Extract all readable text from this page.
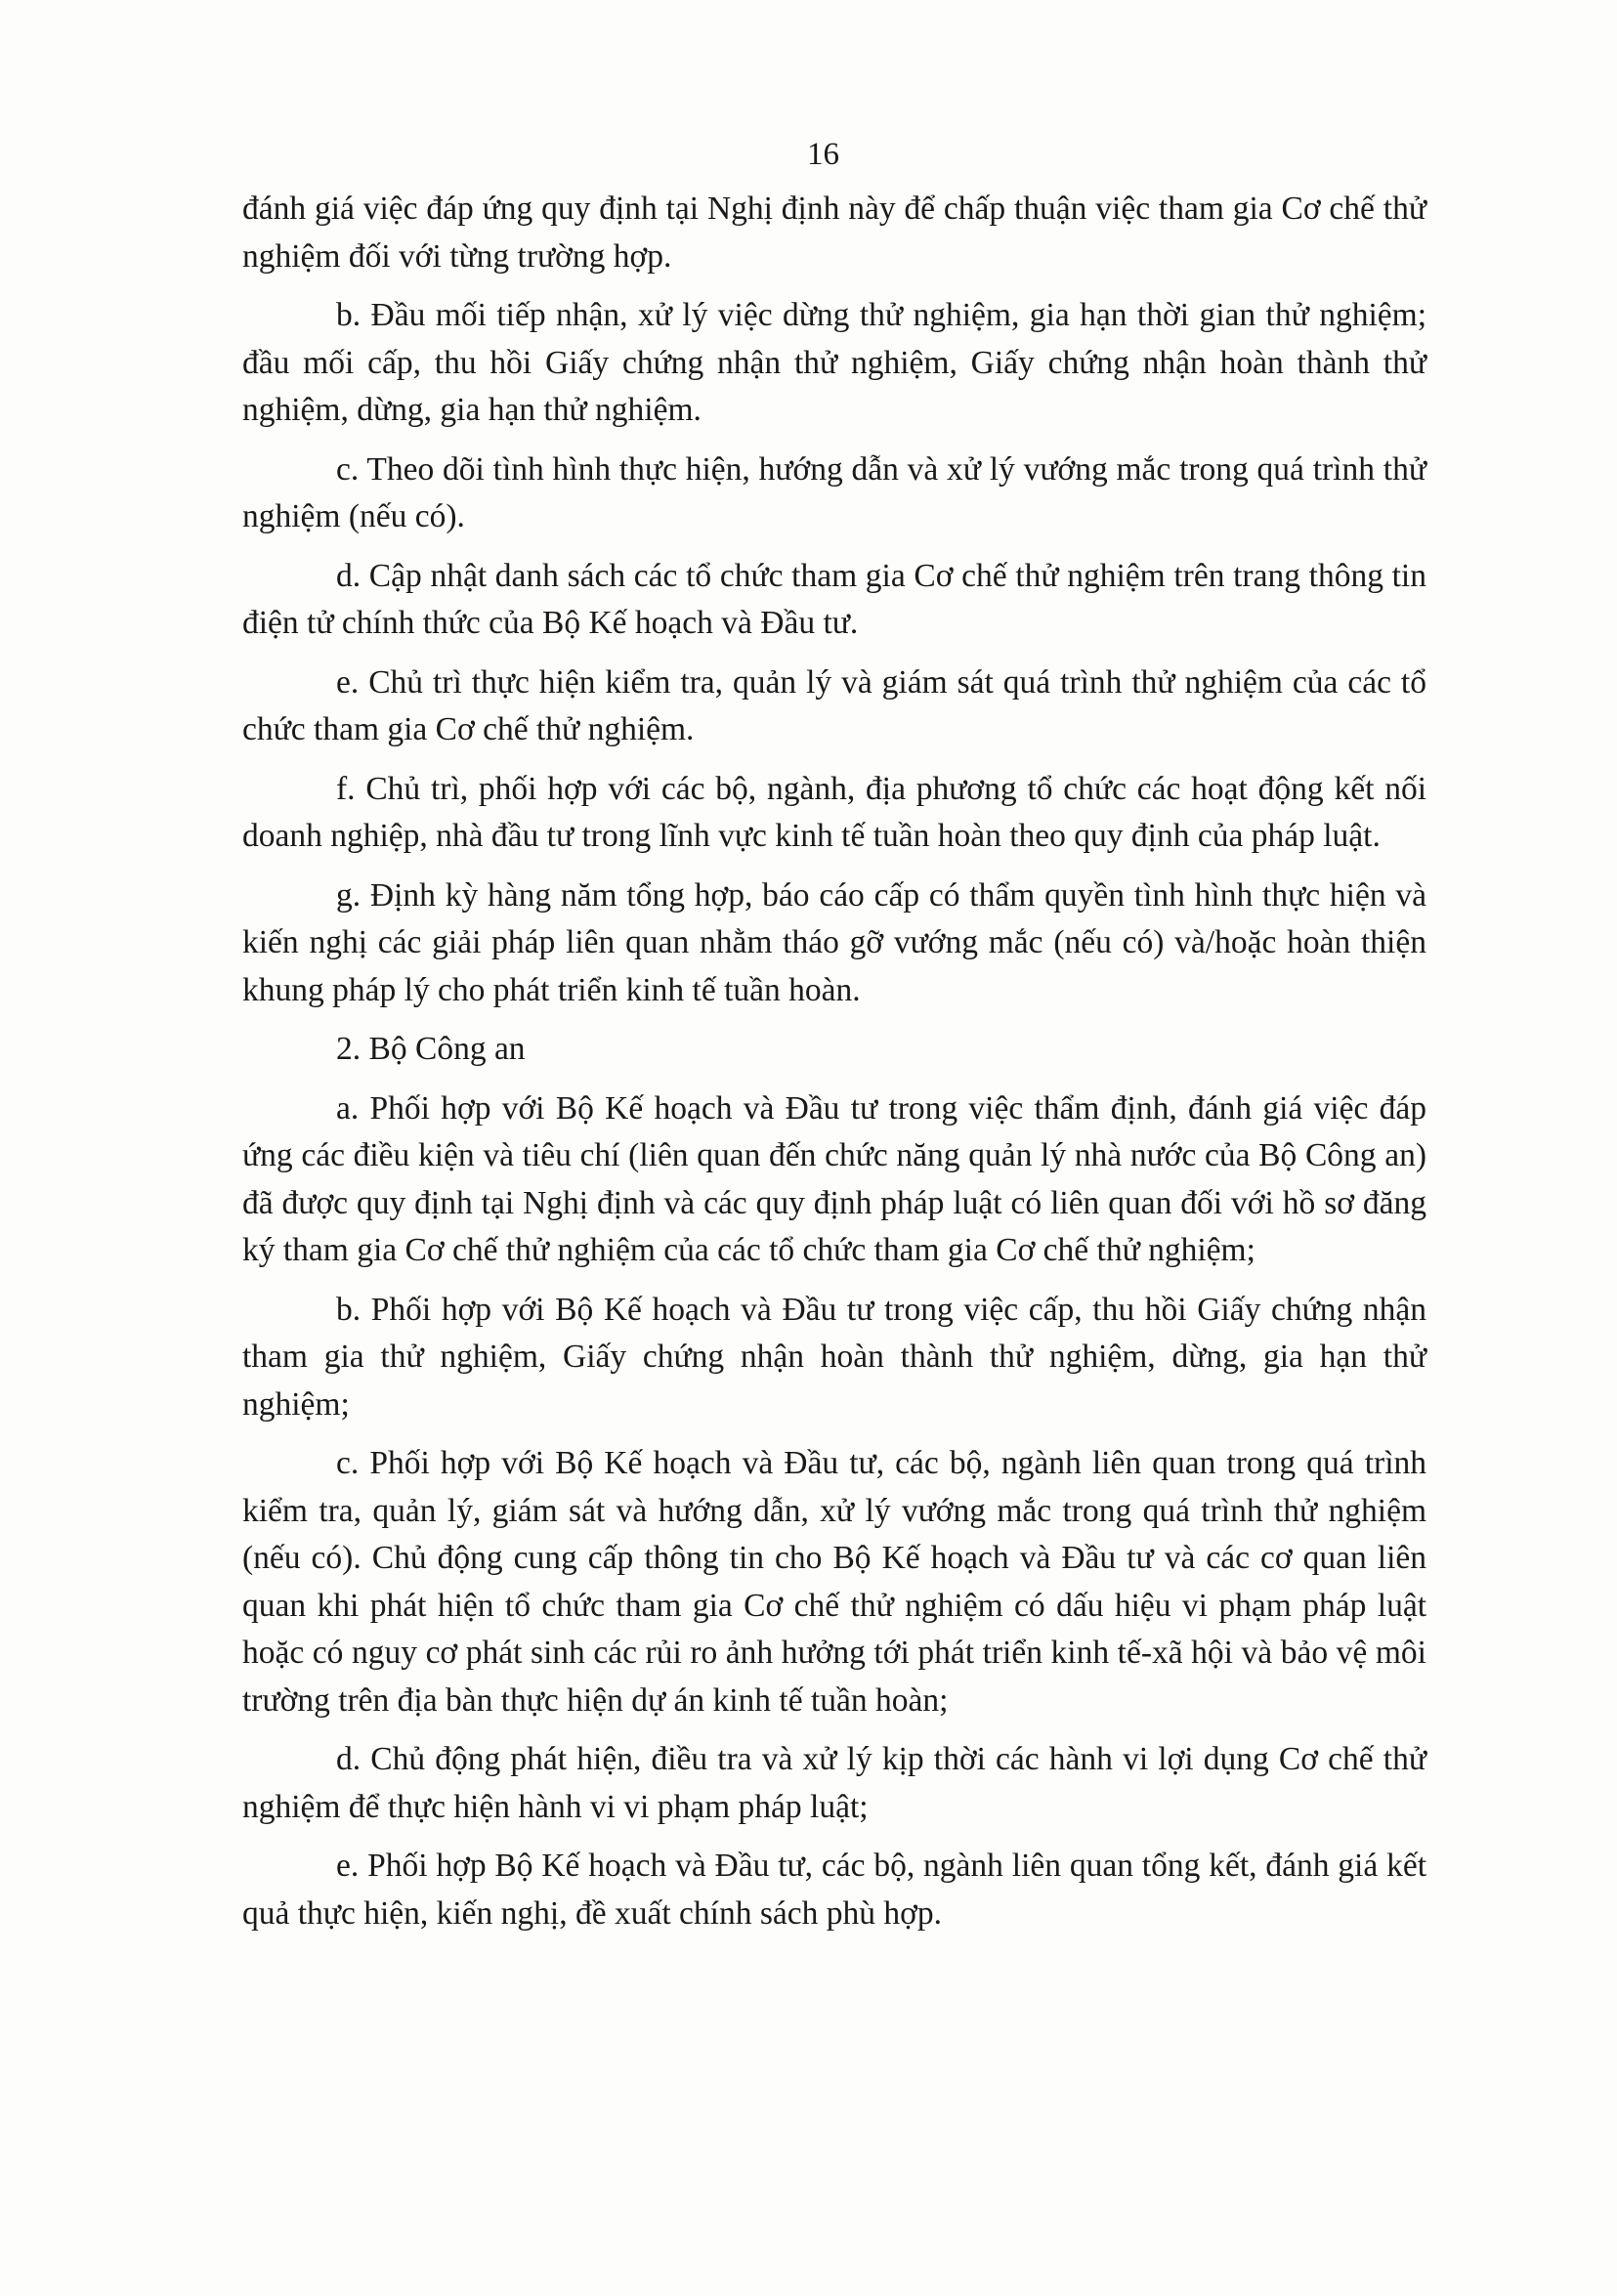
16

đánh giá việc đáp ứng quy định tại Nghị định này để chấp thuận việc tham gia Cơ chế thử nghiệm đối với từng trường hợp.

b. Đầu mối tiếp nhận, xử lý việc dừng thử nghiệm, gia hạn thời gian thử nghiệm; đầu mối cấp, thu hồi Giấy chứng nhận thử nghiệm, Giấy chứng nhận hoàn thành thử nghiệm, dừng, gia hạn thử nghiệm.

c. Theo dõi tình hình thực hiện, hướng dẫn và xử lý vướng mắc trong quá trình thử nghiệm (nếu có).

d. Cập nhật danh sách các tổ chức tham gia Cơ chế thử nghiệm trên trang thông tin điện tử chính thức của Bộ Kế hoạch và Đầu tư.

e. Chủ trì thực hiện kiểm tra, quản lý và giám sát quá trình thử nghiệm của các tổ chức tham gia Cơ chế thử nghiệm.

f. Chủ trì, phối hợp với các bộ, ngành, địa phương tổ chức các hoạt động kết nối doanh nghiệp, nhà đầu tư trong lĩnh vực kinh tế tuần hoàn theo quy định của pháp luật.

g. Định kỳ hàng năm tổng hợp, báo cáo cấp có thẩm quyền tình hình thực hiện và kiến nghị các giải pháp liên quan nhằm tháo gỡ vướng mắc (nếu có) và/hoặc hoàn thiện khung pháp lý cho phát triển kinh tế tuần hoàn.

2. Bộ Công an

a. Phối hợp với Bộ Kế hoạch và Đầu tư trong việc thẩm định, đánh giá việc đáp ứng các điều kiện và tiêu chí (liên quan đến chức năng quản lý nhà nước của Bộ Công an) đã được quy định tại Nghị định và các quy định pháp luật có liên quan đối với hồ sơ đăng ký tham gia Cơ chế thử nghiệm của các tổ chức tham gia Cơ chế thử nghiệm;

b. Phối hợp với Bộ Kế hoạch và Đầu tư trong việc cấp, thu hồi Giấy chứng nhận tham gia thử nghiệm, Giấy chứng nhận hoàn thành thử nghiệm, dừng, gia hạn thử nghiệm;

c. Phối hợp với Bộ Kế hoạch và Đầu tư, các bộ, ngành liên quan trong quá trình kiểm tra, quản lý, giám sát và hướng dẫn, xử lý vướng mắc trong quá trình thử nghiệm (nếu có). Chủ động cung cấp thông tin cho Bộ Kế hoạch và Đầu tư và các cơ quan liên quan khi phát hiện tổ chức tham gia Cơ chế thử nghiệm có dấu hiệu vi phạm pháp luật hoặc có nguy cơ phát sinh các rủi ro ảnh hưởng tới phát triển kinh tế-xã hội và bảo vệ môi trường trên địa bàn thực hiện dự án kinh tế tuần hoàn;

d. Chủ động phát hiện, điều tra và xử lý kịp thời các hành vi lợi dụng Cơ chế thử nghiệm để thực hiện hành vi vi phạm pháp luật;

e. Phối hợp Bộ Kế hoạch và Đầu tư, các bộ, ngành liên quan tổng kết, đánh giá kết quả thực hiện, kiến nghị, đề xuất chính sách phù hợp.
